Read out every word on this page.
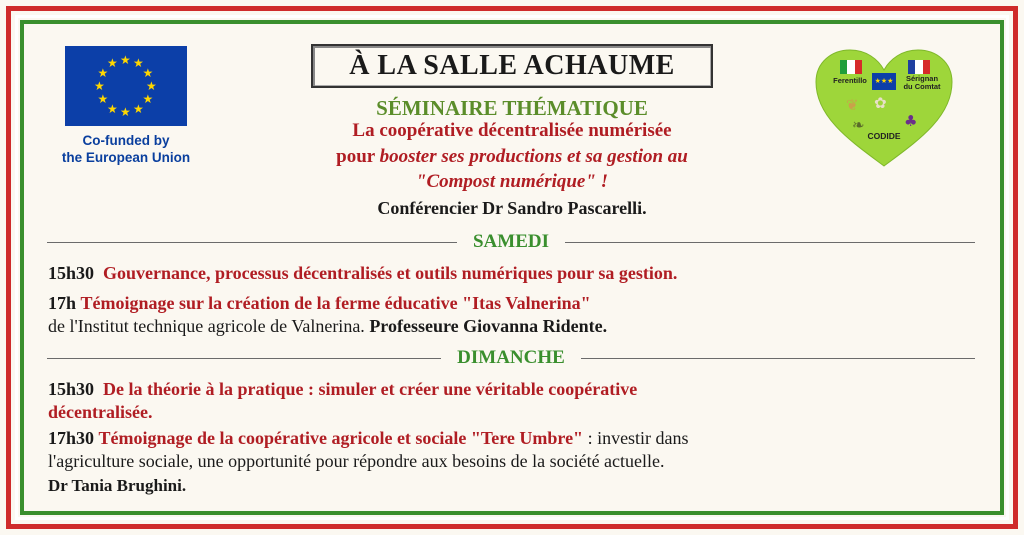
★ ★
★
★
★
★
★
★
★
★
★
★
Co-funded by
the European Union
Ferentillo	★★★	Sérignan
du Comtat
❦ ✿
♣
❧
CODIDE
À LA SALLE ACHAUME
SÉMINAIRE THÉMATIQUE
La coopérative décentralisée numérisée
pour booster ses productions et sa gestion au
"Compost numérique" !
Conférencier Dr Sandro Pascarelli.
SAMEDI
15h30 Gouvernance, processus décentralisés et outils numériques pour sa gestion.
17h Témoignage sur la création de la ferme éducative "Itas Valnerina"
de l'Institut technique agricole de Valnerina. Professeure Giovanna Ridente.
DIMANCHE
15h30 De la théorie à la pratique : simuler et créer une véritable coopérative
décentralisée.
17h30 Témoignage de la coopérative agricole et sociale "Tere Umbre" : investir dans
l'agriculture sociale, une opportunité pour répondre aux besoins de la société actuelle.
Dr Tania Brughini.
